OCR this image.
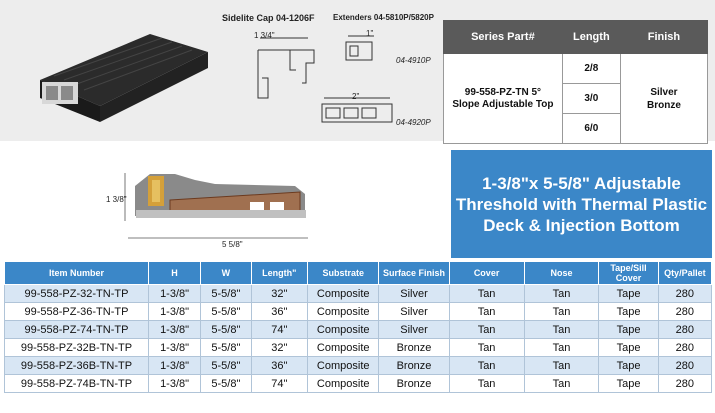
Sidelite Cap 04-1206F Extenders 04-5810P/5820P
1 3/4"	1"
04-4910P
2"
04-4920P
Series Part#	Length	Finish
99-558-PZ-TN 5° Slope Adjustable Top	2/8	Silver Bronze
	3/0	
	6/0	
1 3/8"
5 5/8"
1-3/8"x 5-5/8" Adjustable Threshold with Thermal Plastic Deck & Injection Bottom
Item Number	H	W	Length"	Substrate	Surface Finish	Cover	Nose	Tape/Sill Cover	Qty/Pallet
99-558-PZ-32-TN-TP	1-3/8"	5-5/8"	32"	Composite	Silver	Tan	Tan	Tape	280
99-558-PZ-36-TN-TP	1-3/8"	5-5/8"	36"	Composite	Silver	Tan	Tan	Tape	280
99-558-PZ-74-TN-TP	1-3/8"	5-5/8"	74"	Composite	Silver	Tan	Tan	Tape	280
99-558-PZ-32B-TN-TP	1-3/8"	5-5/8"	32"	Composite	Bronze	Tan	Tan	Tape	280
99-558-PZ-36B-TN-TP	1-3/8"	5-5/8"	36"	Composite	Bronze	Tan	Tan	Tape	280
99-558-PZ-74B-TN-TP	1-3/8"	5-5/8"	74"	Composite	Bronze	Tan	Tan	Tape	280
